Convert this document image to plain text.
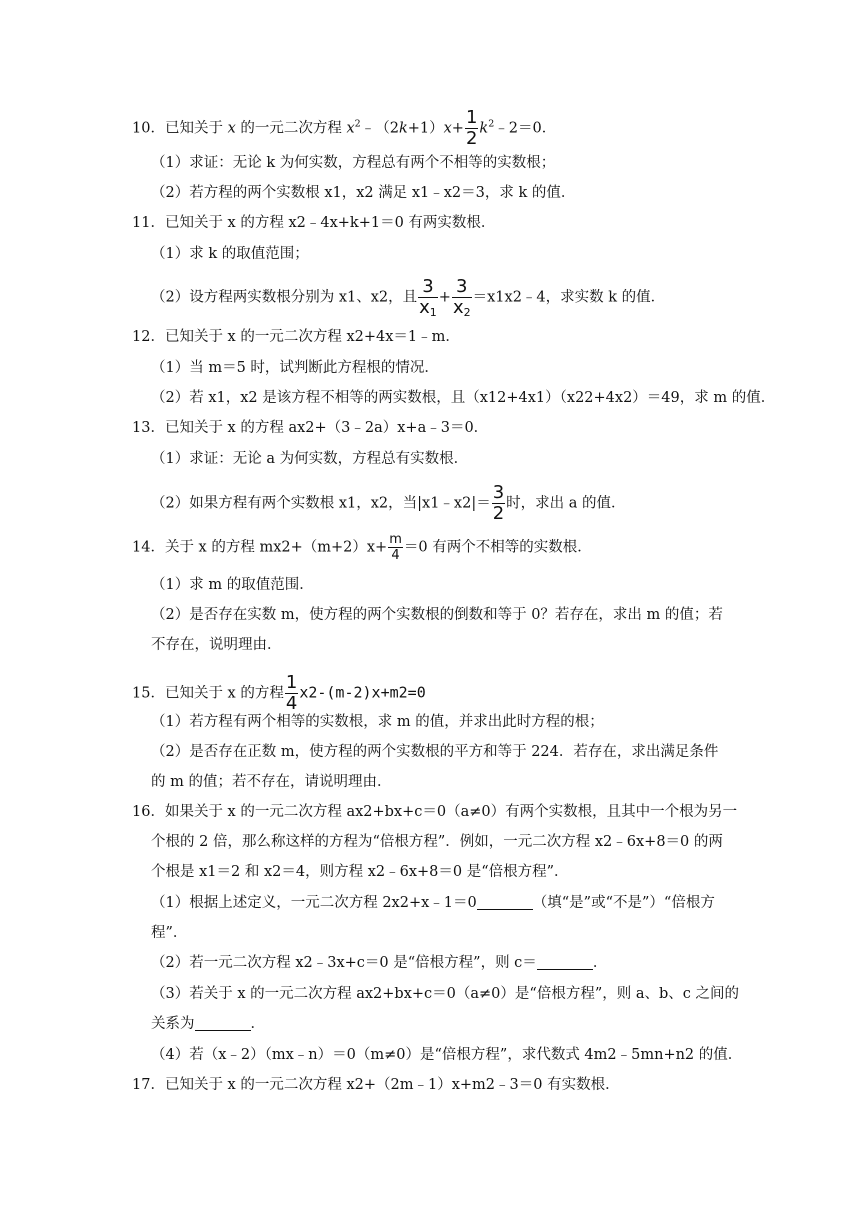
10．已知关于 x 的一元二次方程 $x^2﹣(2k+1)x+ \frac{1}{2}$ $k^2﹣2=0$．
（1）求证：无论 k 为何实数，方程总有两个不相等的实数根；
（2）若方程的两个实数根 x1，x2 满足 x1﹣x2＝3，求 k 的值．
11．已知关于 x 的方程 x2﹣4x+k+1＝0 有两实数根．
（1）求 k 的取值范围；
（2）设方程两实数根分别为 x1、x2，且 $\frac{3}{x_1} + \frac{3}{x_2}$ ＝x1x2﹣4，求实数 k 的值．
12．已知关于 x 的一元二次方程 x2+4x＝1﹣m．
（1）当 m＝5 时，试判断此方程根的情况．
（2）若 x1，x2 是该方程不相等的两实数根，且（x12+4x1）（x22+4x2）＝49，求 m 的值．
13．已知关于 x 的方程 ax2+（3﹣2a）x+a﹣3＝0．
（1）求证：无论 a 为何实数，方程总有实数根．
（2）如果方程有两个实数根 x1，x2，当|x1﹣x2|＝ $\frac{3}{2}$ 时，求出 a 的值．
14．关于 x 的方程 $mx2+(m+2)x+ \frac{m}{4} =0$ 有两个不相等的实数根．
（1）求 m 的取值范围．
（2）是否存在实数 m，使方程的两个实数根的倒数和等于 0？若存在，求出 m 的值；若
不存在，说明理由．
15．已知关于 x 的方程 $\frac{1}{4} x2-(m-2)x+m2=0$
（1）若方程有两个相等的实数根，求 m 的值，并求出此时方程的根；
（2）是否存在正数 m，使方程的两个实数根的平方和等于 224．若存在，求出满足条件
的 m 的值；若不存在，请说明理由．
16．如果关于 x 的一元二次方程 ax2+bx+c＝0（a≠0）有两个实数根，且其中一个根为另一
个根的 2 倍，那么称这样的方程为“倍根方程”．例如，一元二次方程 x2﹣6x+8＝0 的两
个根是 x1＝2 和 x2＝4，则方程 x2﹣6x+8＝0 是“倍根方程”．
（1）根据上述定义，一元二次方程 2x2+x﹣1＝0	（填“是”或“不是”）“倍根方
程”．
（2）若一元二次方程 x2﹣3x+c＝0 是“倍根方程”，则 c＝	．
（3）若关于 x 的一元二次方程 ax2+bx+c＝0（a≠0）是“倍根方程”，则 a、b、c 之间的
关系为	．
（4）若（x﹣2）（mx﹣n）＝0（m≠0）是“倍根方程”，求代数式 4m2﹣5mn+n2 的值．
17．已知关于 x 的一元二次方程 x2+（2m﹣1）x+m2﹣3＝0 有实数根．
